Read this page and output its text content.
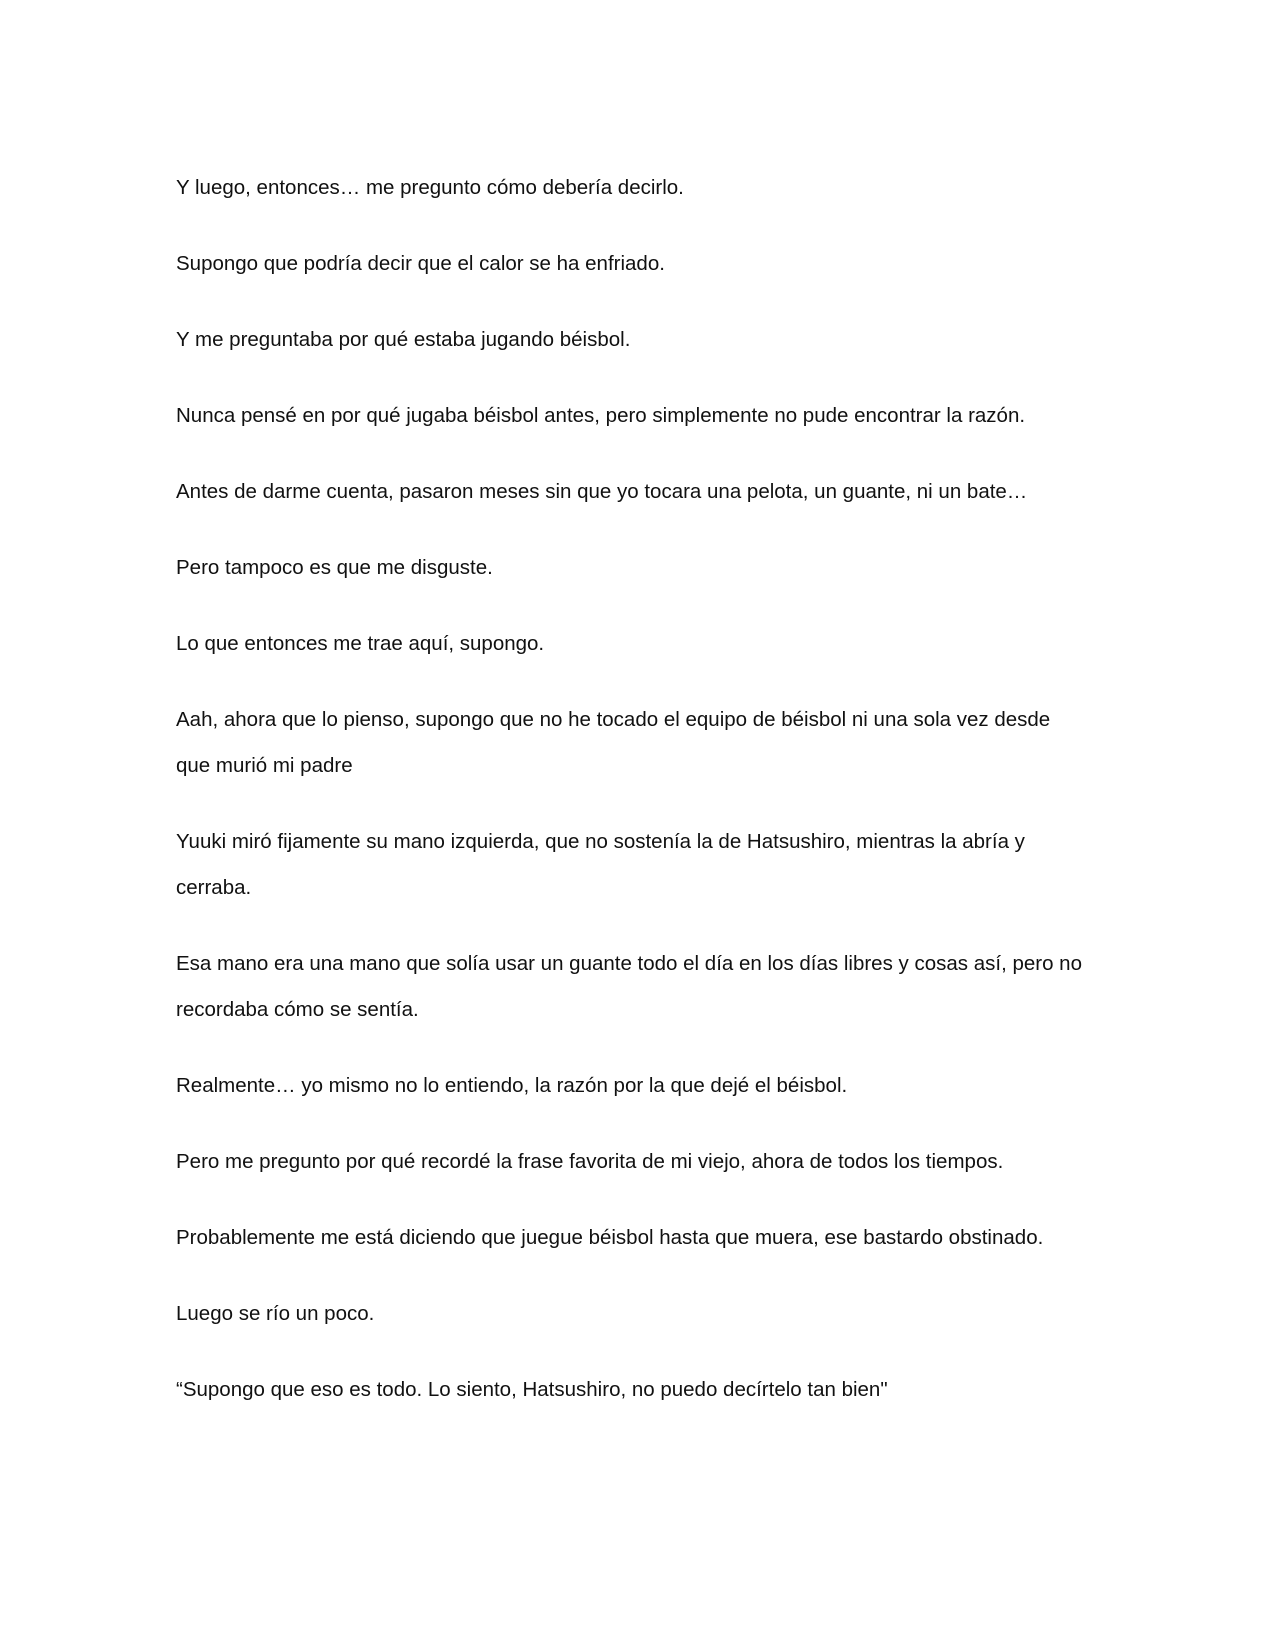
Y luego, entonces… me pregunto cómo debería decirlo.

Supongo que podría decir que el calor se ha enfriado.

Y me preguntaba por qué estaba jugando béisbol.

Nunca pensé en por qué jugaba béisbol antes, pero simplemente no pude encontrar la razón.

Antes de darme cuenta, pasaron meses sin que yo tocara una pelota, un guante, ni un bate…

Pero tampoco es que me disguste.

Lo que entonces me trae aquí, supongo.

Aah, ahora que lo pienso, supongo que no he tocado el equipo de béisbol ni una sola vez desde que murió mi padre

Yuuki miró fijamente su mano izquierda, que no sostenía la de Hatsushiro, mientras la abría y cerraba.

Esa mano era una mano que solía usar un guante todo el día en los días libres y cosas así, pero no recordaba cómo se sentía.

Realmente… yo mismo no lo entiendo, la razón por la que dejé el béisbol.

Pero me pregunto por qué recordé la frase favorita de mi viejo, ahora de todos los tiempos.

Probablemente me está diciendo que juegue béisbol hasta que muera, ese bastardo obstinado.

Luego se río un poco.

“Supongo que eso es todo. Lo siento, Hatsushiro, no puedo decírtelo tan bien"
